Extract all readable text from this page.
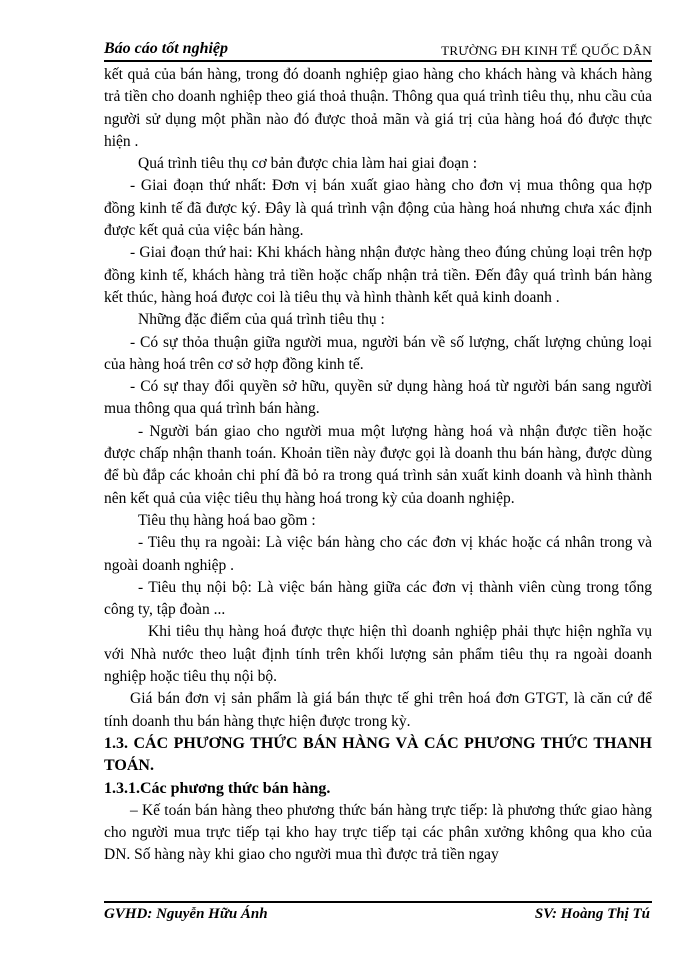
Báo cáo tốt nghiệp	TRƯỜNG ĐH KINH TẾ QUỐC DÂN

kết quả của bán hàng, trong đó doanh nghiệp giao hàng cho khách hàng và khách hàng trả tiền cho doanh nghiệp theo giá thoả thuận. Thông qua quá trình tiêu thụ, nhu cầu của người sử dụng một phần nào đó được thoả mãn và giá trị của hàng hoá đó được thực hiện .

Quá trình tiêu thụ cơ bản được chia làm hai giai đoạn :

- Giai đoạn thứ nhất: Đơn vị bán xuất giao hàng cho đơn vị mua thông qua hợp đồng kinh tế đã được ký. Đây là quá trình vận động của hàng hoá nhưng chưa xác định được kết quả của việc bán hàng.

- Giai đoạn thứ hai: Khi khách hàng nhận được hàng theo đúng chủng loại trên hợp đồng kinh tế, khách hàng trả tiền hoặc chấp nhận trả tiền. Đến đây quá trình bán hàng kết thúc, hàng hoá được coi là tiêu thụ và hình thành kết quả kinh doanh .

Những đặc điểm của quá trình tiêu thụ :

- Có sự thỏa thuận giữa người mua, người bán về số lượng, chất lượng chủng loại của hàng hoá trên cơ sở hợp đồng kinh tế.

- Có sự thay đổi quyền sở hữu, quyền sử dụng hàng hoá từ người bán sang người mua thông qua quá trình bán hàng.

- Người bán giao cho người mua một lượng hàng hoá và nhận được tiền hoặc được chấp nhận thanh toán. Khoản tiền này được gọi là doanh thu bán hàng, được dùng để bù đắp các khoản chi phí đã bỏ ra trong quá trình sản xuất kinh doanh và hình thành nên kết quả của việc tiêu thụ hàng hoá trong kỳ của doanh nghiệp.

Tiêu thụ hàng hoá bao gồm :

- Tiêu thụ ra ngoài: Là việc bán hàng cho các đơn vị khác hoặc cá nhân trong và ngoài doanh nghiệp .

- Tiêu thụ nội bộ: Là việc bán hàng giữa các đơn vị thành viên cùng trong tổng công ty, tập đoàn ...

Khi tiêu thụ hàng hoá được thực hiện thì doanh nghiệp phải thực hiện nghĩa vụ với Nhà nước theo luật định tính trên khối lượng sản phẩm tiêu thụ ra ngoài doanh nghiệp hoặc tiêu thụ nội bộ.

Giá bán đơn vị sản phẩm là giá bán thực tế ghi trên hoá đơn GTGT, là căn cứ để tính doanh thu bán hàng thực hiện được trong kỳ.

1.3. CÁC PHƯƠNG THỨC BÁN HÀNG VÀ CÁC PHƯƠNG THỨC THANH TOÁN.

1.3.1.Các phương thức bán hàng.

– Kế toán bán hàng theo phương thức bán hàng trực tiếp: là phương thức giao hàng cho người mua trực tiếp tại kho hay trực tiếp tại các phân xưởng không qua kho của DN. Số hàng này khi giao cho người mua thì được trả tiền ngay

GVHD: Nguyễn Hữu Ánh	SV: Hoàng Thị Tú
